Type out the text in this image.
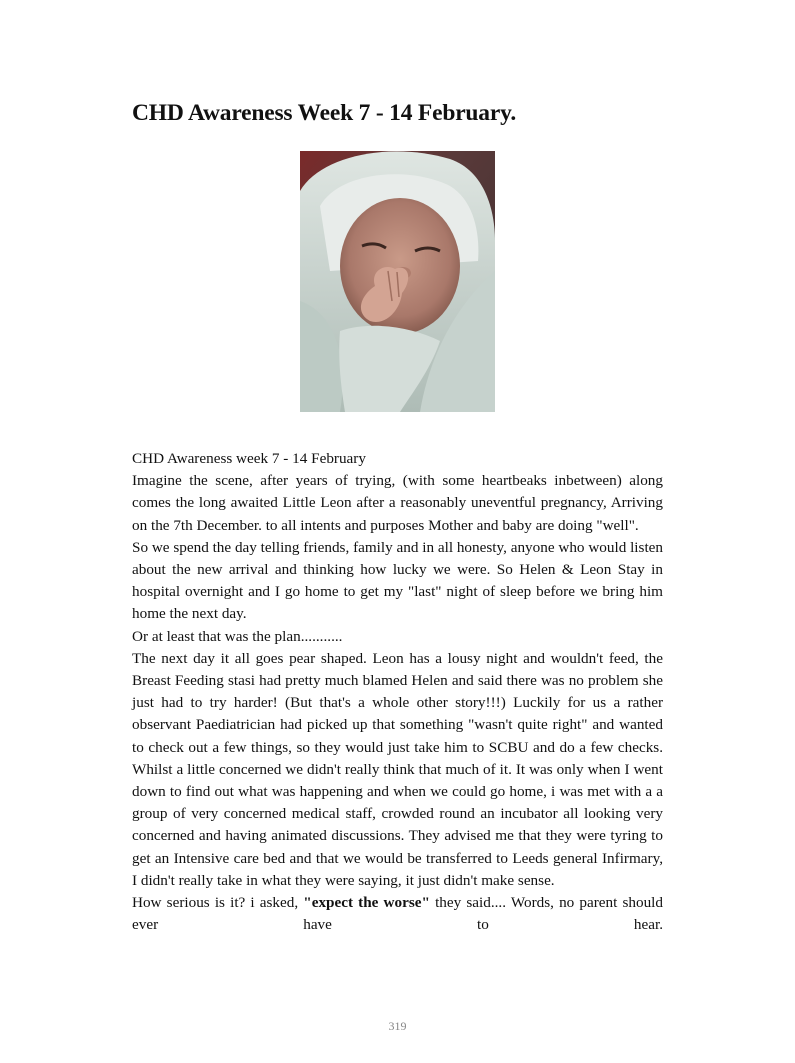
CHD Awareness Week 7 - 14 February.

CHD Awareness week 7 - 14 February

Imagine the scene, after years of trying, (with some heartbeaks inbetween) along comes the long awaited Little Leon after a reasonably uneventful pregnancy, Arriving on the 7th December. to all intents and purposes Mother and baby are doing "well".

So we spend the day telling friends, family and in all honesty, anyone who would listen about the new arrival and thinking how lucky we were. So Helen & Leon Stay in hospital overnight and I go home to get my "last" night of sleep before we bring him home the next day.

Or at least that was the plan...........

The next day it all goes pear shaped. Leon has a lousy night and wouldn't feed, the Breast Feeding stasi had pretty much blamed Helen and said there was no problem she just had to try harder! (But that's a whole other story!!!) Luckily for us a rather observant Paediatrician had picked up that something "wasn't quite right" and wanted to check out a few things, so they would just take him to SCBU and do a few checks. Whilst a little concerned we didn't really think that much of it. It was only when I went down to find out what was happening and when we could go home, i was met with a a group of very concerned medical staff, crowded round an incubator all looking very concerned and having animated discussions. They advised me that they were tyring to get an Intensive care bed and that we would be transferred to Leeds general Infirmary, I didn't really take in what they were saying, it just didn't make sense.

How serious is it? i asked, "expect the worse" they said.... Words, no parent should ever have to hear.

319
